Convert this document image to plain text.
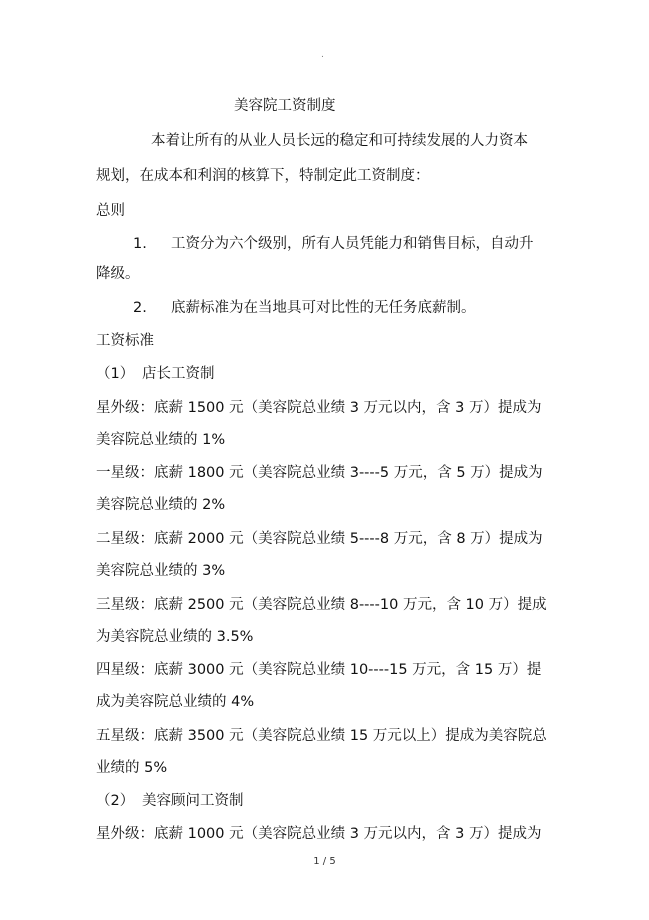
.
美容院工资制度
本着让所有的从业人员长远的稳定和可持续发展的人力资本
规划，在成本和利润的核算下，特制定此工资制度：
总则
1. 工资分为六个级别，所有人员凭能力和销售目标，自动升
降级。
2. 底薪标准为在当地具可对比性的无任务底薪制。
工资标准
（1） 店长工资制
星外级：底薪 1500 元（美容院总业绩 3 万元以内，含 3 万）提成为
美容院总业绩的 1%
一星级：底薪 1800 元（美容院总业绩 3----5 万元，含 5 万）提成为
美容院总业绩的 2%
二星级：底薪 2000 元（美容院总业绩 5----8 万元，含 8 万）提成为
美容院总业绩的 3%
三星级：底薪 2500 元（美容院总业绩 8----10 万元，含 10 万）提成
为美容院总业绩的 3.5%
四星级：底薪 3000 元（美容院总业绩 10----15 万元，含 15 万）提
成为美容院总业绩的 4%
五星级：底薪 3500 元（美容院总业绩 15 万元以上）提成为美容院总
业绩的 5%
（2） 美容顾问工资制
星外级：底薪 1000 元（美容院总业绩 3 万元以内，含 3 万）提成为
1 / 5
